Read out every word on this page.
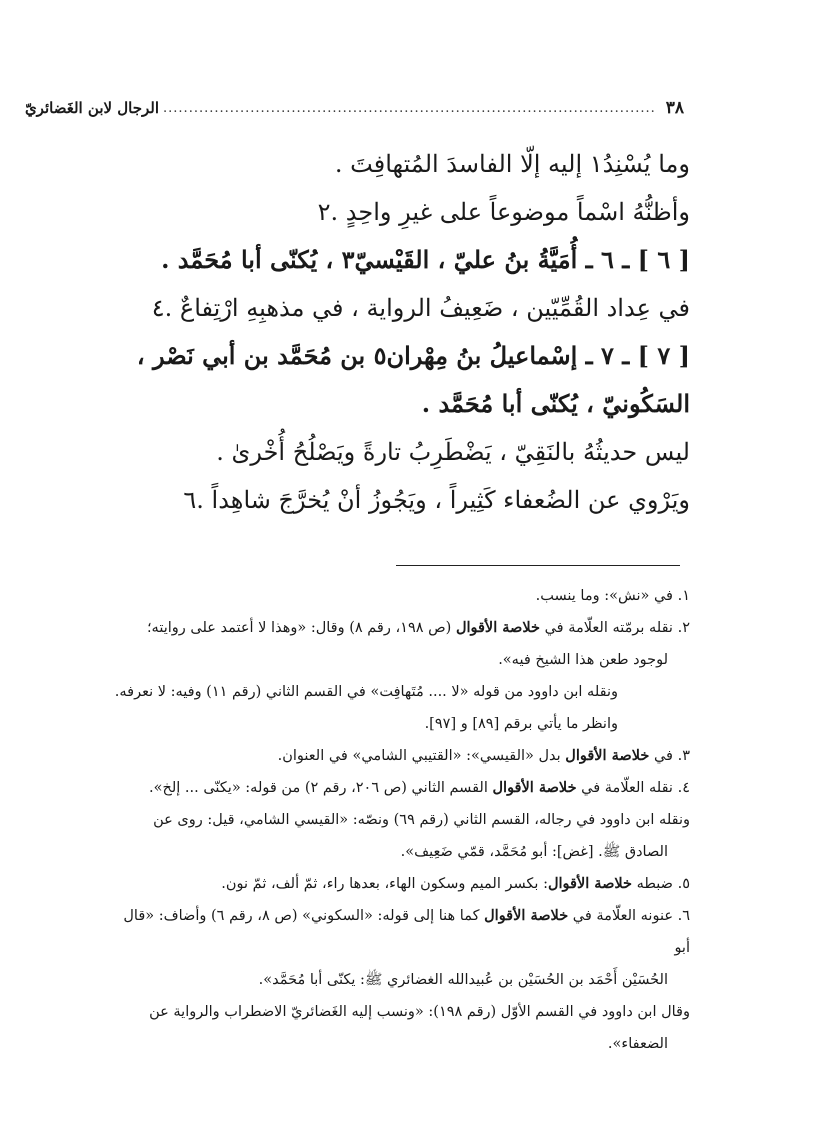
٣٨
................................................................................................
الرجال لابن الغَضائريّ

وما يُسْنِدُ١ إليه إلّا الفاسدَ المُتهافِتَ .

وأظنُّهُ اسْماً موضوعاً على غيرِ واحِدٍ .٢

[ ٦ ] ـ ٦ ـ أُمَيَّةُ بنُ عليّ ، القَيْسيّ٣ ، يُكنّى أبا مُحَمَّد .

في عِداد القُمِّيّين ، ضَعِيفُ الرواية ، في مذهبِهِ ارْتِفاعٌ .٤

[ ٧ ] ـ ٧ ـ إسْماعيلُ بنُ مِهْران٥ بن مُحَمَّد بن أبي نَصْر ، السَكُونيّ ، يُكنّى أبا مُحَمَّد .

ليس حديثُهُ بالنَقِيّ ، يَضْطَرِبُ تارةً ويَصْلُحُ أُخْرىٰ .

ويَرْوي عن الضُعفاء كَثِيراً ، ويَجُوزُ أنْ يُخرَّجَ شاهِداً .٦

١. في «نش»: وما ينسب.

٢. نقله برمّته العلّامة في خلاصة الأقوال (ص ١٩٨، رقم ٨) وقال: «وهذا لا أعتمد على روايته؛

لوجود طعن هذا الشيخ فيه».

ونقله ابن داوود من قوله «لا .... مُتَهافِت» في القسم الثاني (رقم ١١) وفيه: لا نعرفه.

وانظر ما يأتي برقم [٨٩] و [٩٧].

٣. في خلاصة الأقوال بدل «القيسي»: «القتيبي الشامي» في العنوان.

٤. نقله العلّامة في خلاصة الأقوال القسم الثاني (ص ٢٠٦، رقم ٢) من قوله: «يكنّى ... إلخ».

ونقله ابن داوود في رجاله، القسم الثاني (رقم ٦٩) ونصّه: «القيسي الشامي، قيل: روى عن

الصادق ﷺ. [غض]: أبو مُحَمَّد، قمّي ضَعِيف».

٥. ضبطه خلاصة الأقوال: بكسر الميم وسكون الهاء، بعدها راء، ثمّ ألف، ثمّ نون.

٦. عنونه العلّامة في خلاصة الأقوال كما هنا إلى قوله: «السكوني» (ص ٨، رقم ٦) وأضاف: «قال أبو

الحُسَيْن أَحْمَد بن الحُسَيْن بن عُبيدالله الغضائري ﷺ: يكنّى أبا مُحَمَّد».

وقال ابن داوود في القسم الأوّل (رقم ١٩٨): «ونسب إليه الغَضائريّ الاضطراب والرواية عن

الضعفاء».
